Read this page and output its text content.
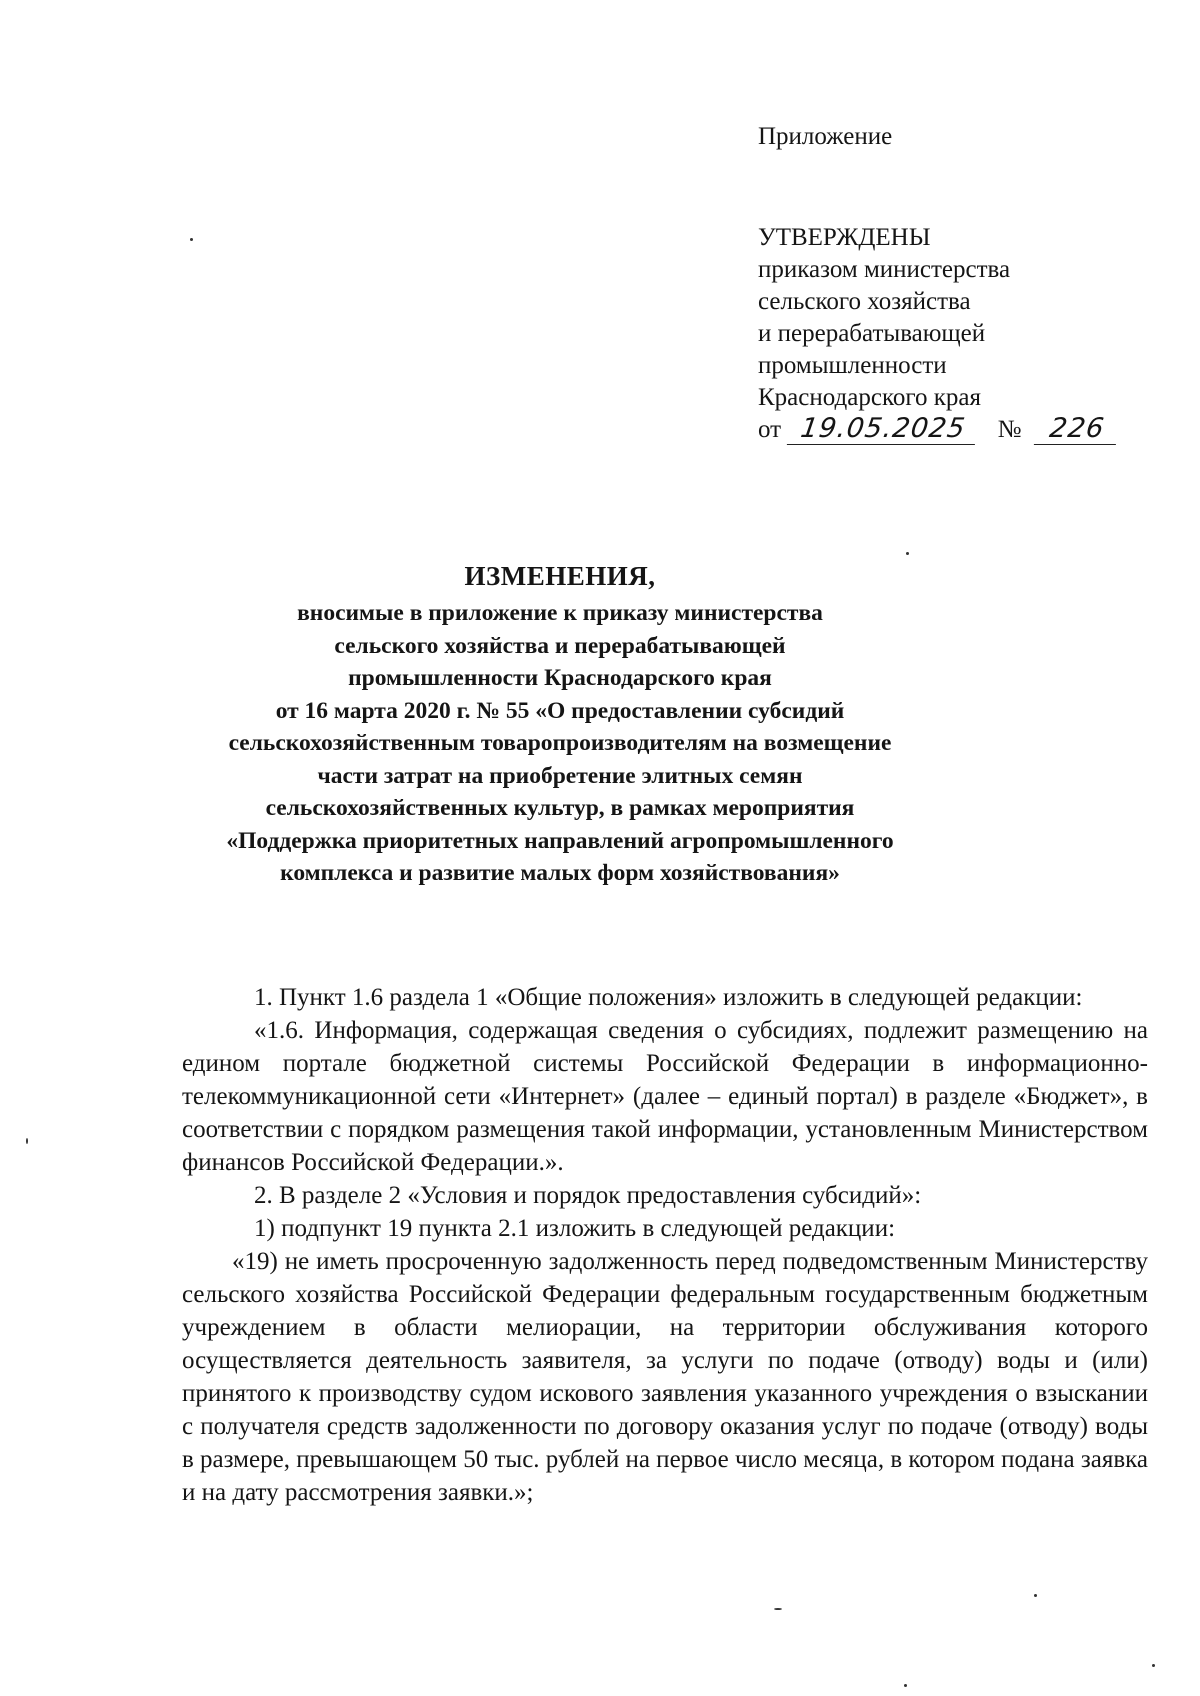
Приложение
УТВЕРЖДЕНЫ
приказом министерства
сельского хозяйства
и перерабатывающей
промышленности
Краснодарского края
от 19.05.2025 № 226
ИЗМЕНЕНИЯ,
вносимые в приложение к приказу министерства
сельского хозяйства и перерабатывающей
промышленности Краснодарского края
от 16 марта 2020 г. № 55 «О предоставлении субсидий
сельскохозяйственным товаропроизводителям на возмещение
части затрат на приобретение элитных семян
сельскохозяйственных культур, в рамках мероприятия
«Поддержка приоритетных направлений агропромышленного
комплекса и развитие малых форм хозяйствования»

1. Пункт 1.6 раздела 1 «Общие положения» изложить в следующей редакции:

«1.6. Информация, содержащая сведения о субсидиях, подлежит размещению на едином портале бюджетной системы Российской Федерации в информационно-телекоммуникационной сети «Интернет» (далее – единый портал) в разделе «Бюджет», в соответствии с порядком размещения такой информации, установленным Министерством финансов Российской Федерации.».

2. В разделе 2 «Условия и порядок предоставления субсидий»:

1) подпункт 19 пункта 2.1 изложить в следующей редакции:

«19) не иметь просроченную задолженность перед подведомственным Министерству сельского хозяйства Российской Федерации федеральным государственным бюджетным учреждением в области мелиорации, на территории обслуживания которого осуществляется деятельность заявителя, за услуги по подаче (отводу) воды и (или) принятого к производству судом искового заявления указанного учреждения о взыскании с получателя средств задолженности по договору оказания услуг по подаче (отводу) воды в размере, превышающем 50 тыс. рублей на первое число месяца, в котором подана заявка и на дату рассмотрения заявки.»;
